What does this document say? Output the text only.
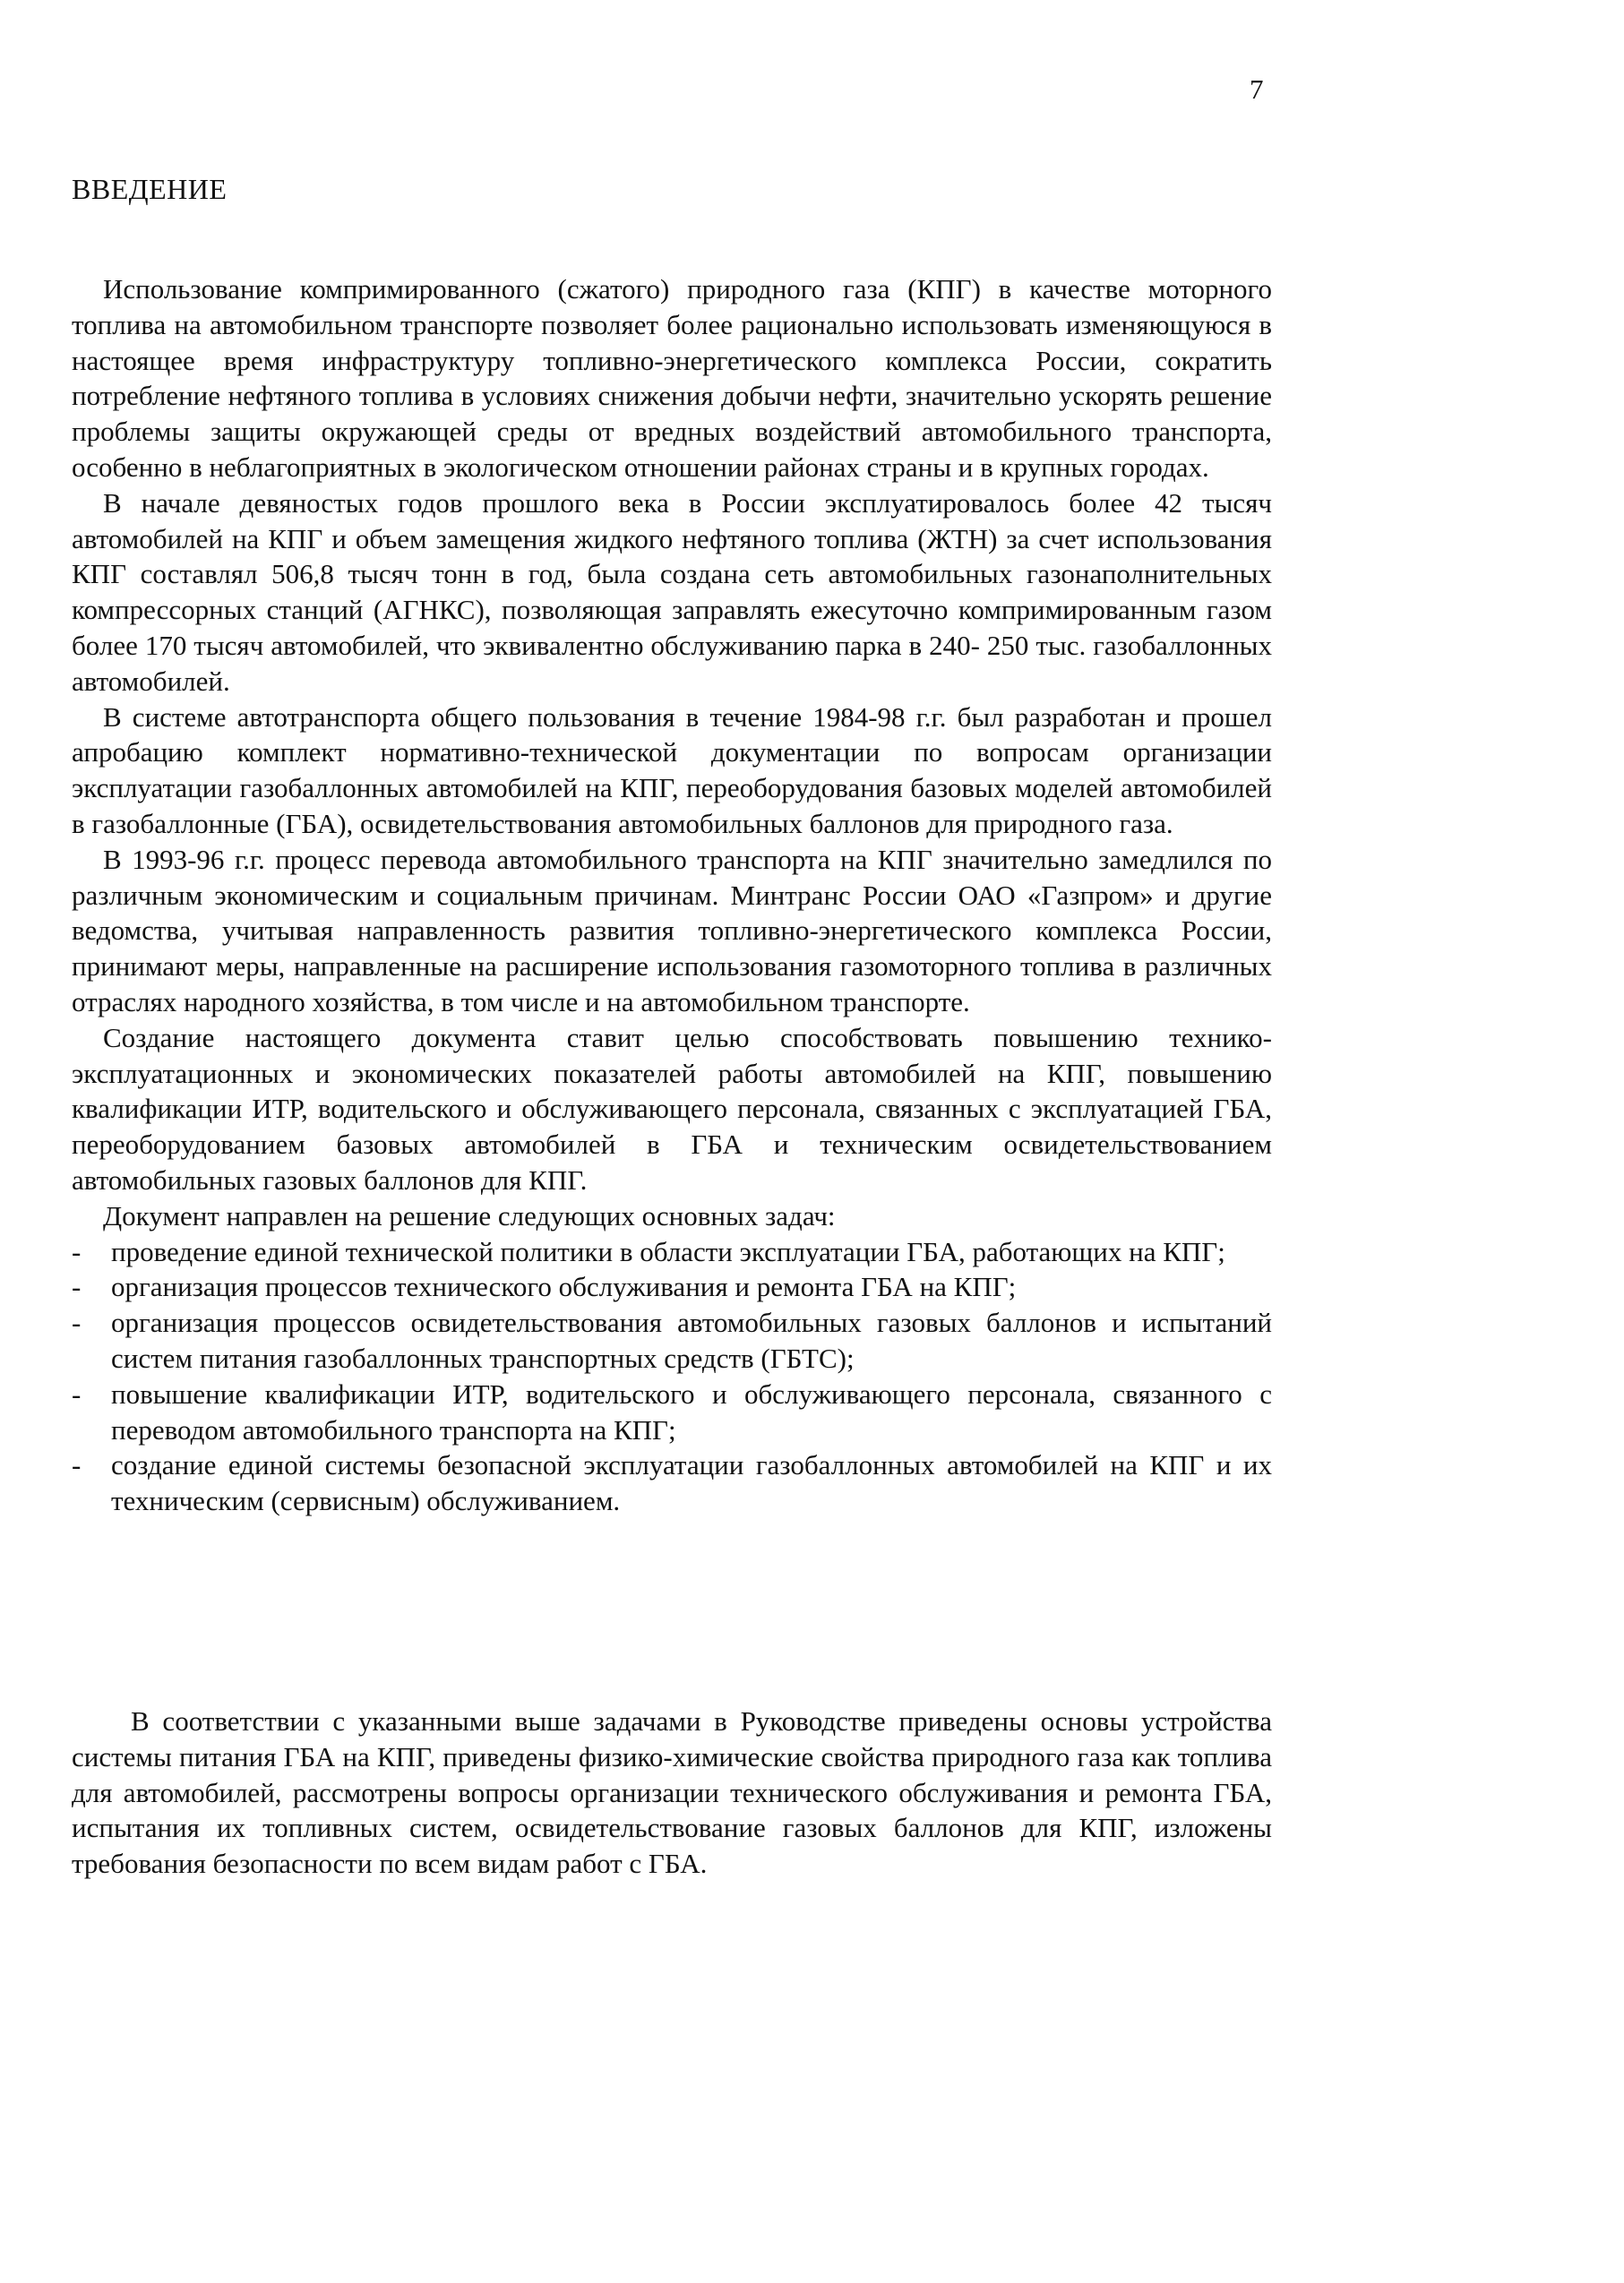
7
ВВЕДЕНИЕ

Использование компримированного (сжатого) природного газа (КПГ) в качестве моторного топлива на автомобильном транспорте позволяет более рационально использовать изменяющуюся в настоящее время инфраструктуру топливно-энергетического комплекса России, сократить потребление нефтяного топлива в условиях снижения добычи нефти, значительно ускорять решение проблемы защиты окружающей среды от вредных воздействий автомобильного транспорта, особенно в неблагоприятных в экологическом отношении районах страны и в крупных городах.

В начале девяностых годов прошлого века в России эксплуатировалось более 42 тысяч автомобилей на КПГ и объем замещения жидкого нефтяного топлива (ЖТН) за счет использования КПГ составлял 506,8 тысяч тонн в год, была создана сеть автомобильных газонаполнительных компрессорных станций (АГНКС), позволяющая заправлять ежесуточно компримированным газом более 170 тысяч автомобилей, что эквивалентно обслуживанию парка в 240- 250 тыс. газобаллонных автомобилей.

В системе автотранспорта общего пользования в течение 1984-98 г.г. был разработан и прошел апробацию комплект нормативно-технической документации по вопросам организации эксплуатации газобаллонных автомобилей на КПГ, переоборудования базовых моделей автомобилей в газобаллонные (ГБА), освидетельствования автомобильных баллонов для природного газа.

В 1993-96 г.г. процесс перевода автомобильного транспорта на КПГ значительно замедлился по различным экономическим и социальным причинам. Минтранс России ОАО «Газпром» и другие ведомства, учитывая направленность развития топливно-энергетического комплекса России, принимают меры, направленные на расширение использования газомоторного топлива в различных отраслях народного хозяйства, в том числе и на автомобильном транспорте.

Создание настоящего документа ставит целью способствовать повышению технико-эксплуатационных и экономических показателей работы автомобилей на КПГ, повышению квалификации ИТР, водительского и обслуживающего персонала, связанных с эксплуатацией ГБА, переоборудованием базовых автомобилей в ГБА и техническим освидетельствованием автомобильных газовых баллонов для КПГ.

Документ направлен на решение следующих основных задач:

- проведение единой технической политики в области эксплуатации ГБА, работающих на КПГ;
- организация процессов технического обслуживания и ремонта ГБА на КПГ;
- организация процессов освидетельствования автомобильных газовых баллонов и испытаний систем питания газобаллонных транспортных средств (ГБТС);
- повышение квалификации ИТР, водительского и обслуживающего персонала, связанного с переводом автомобильного транспорта на КПГ;
- создание единой системы безопасной эксплуатации газобаллонных автомобилей на КПГ и их техническим (сервисным) обслуживанием.

В соответствии с указанными выше задачами в Руководстве приведены основы устройства системы питания ГБА на КПГ, приведены физико-химические свойства природного газа как топлива для автомобилей, рассмотрены вопросы организации технического обслуживания и ремонта ГБА, испытания их топливных систем, освидетельствование газовых баллонов для КПГ, изложены требования безопасности по всем видам работ с ГБА.
